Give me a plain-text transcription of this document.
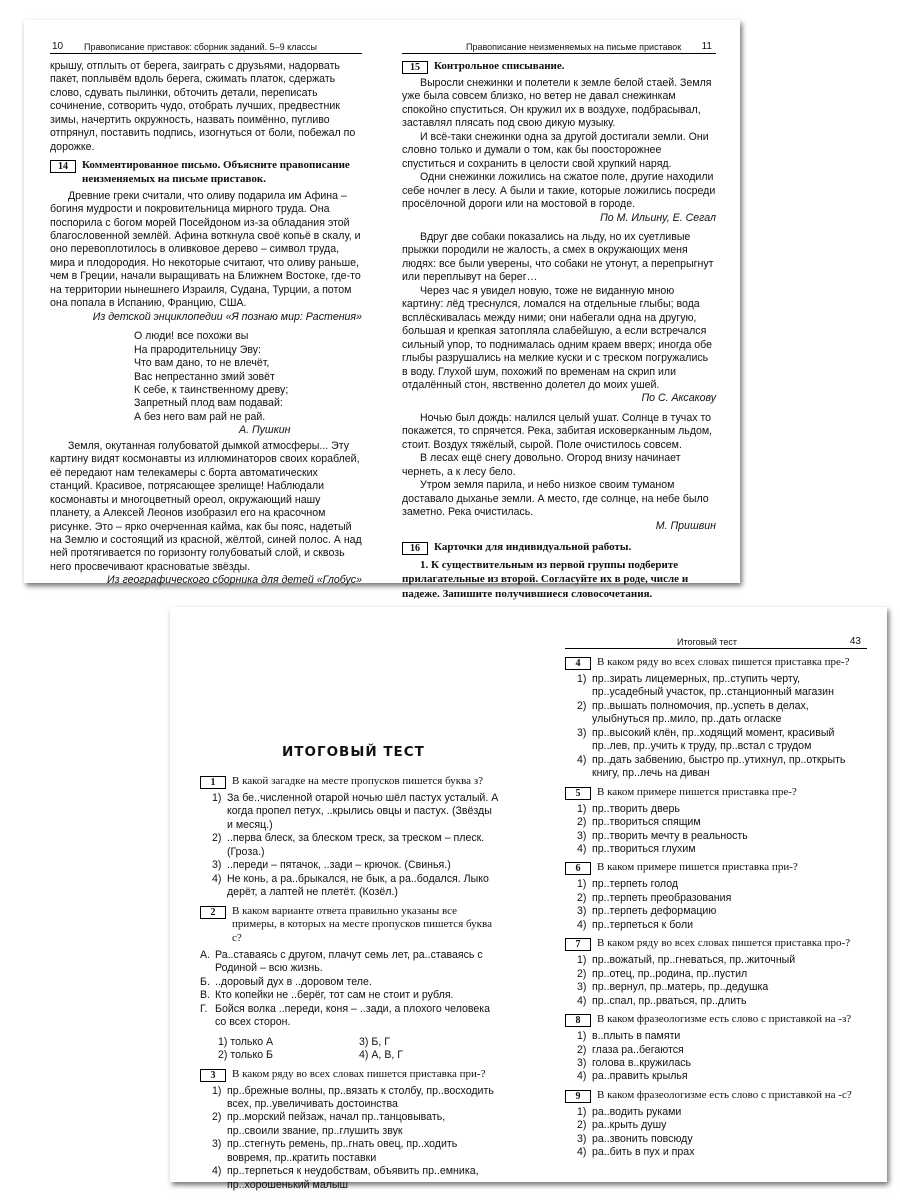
10 Правописание приставок: сборник заданий. 5–9 классы

крышу, отплыть от берега, заиграть с друзьями, надорвать пакет, поплывём вдоль берега, сжимать платок, сдержать слово, сдувать пылинки, обточить детали, переписать сочинение, сотворить чудо, отобрать лучших, предвестник зимы, начертить окружность, назвать поимённо, пугливо отпрянул, поставить подпись, изогнуться от боли, побежал по дорожке.

14	Комментированное письмо. Объясните правописание неизменяемых на письме приставок.

Древние греки считали, что оливу подарила им Афина – богиня мудрости и покровительница мирного труда. Она поспорила с богом морей Посейдоном из-за обладания этой благословенной землёй. Афина воткнула своё копьё в скалу, и оно перевоплотилось в оливковое дерево – символ труда, мира и плодородия. Но некоторые считают, что оливу раньше, чем в Греции, начали выращивать на Ближнем Востоке, где-то на территории нынешнего Израиля, Судана, Турции, а потом она попала в Испанию, Францию, США.

Из детской энциклопедии «Я познаю мир: Растения»

О люди! все похожи вы
На прародительницу Эву:
Что вам дано, то не влечёт,
Вас непрестанно змий зовёт
К себе, к таинственному древу;
Запретный плод вам подавай:
А без него вам рай не рай.
А. Пушкин

Земля, окутанная голубоватой дымкой атмосферы... Эту картину видят космонавты из иллюминаторов своих кораблей, её передают нам телекамеры с борта автоматических станций. Красивое, потрясающее зрелище! Наблюдали космонавты и многоцветный ореол, окружающий нашу планету, а Алексей Леонов изобразил его на красочном рисунке. Это – ярко очерченная кайма, как бы пояс, надетый на Землю и состоящий из красной, жёлтой, синей полос. А над ней протягивается по горизонту голубоватый слой, и сквозь него просвечивают красноватые звёзды.

Из географического сборника для детей «Глобус»

Правописание неизменяемых на письме приставок 11
15	Контрольное списывание.

Выросли снежинки и полетели к земле белой стаей. Земля уже была совсем близко, но ветер не давал снежинкам спокойно спуститься. Он кружил их в воздухе, подбрасывал, заставлял плясать под свою дикую музыку.

И всё-таки снежинки одна за другой достигали земли. Они словно только и думали о том, как бы поосторожнее спуститься и сохранить в целости свой хрупкий наряд.

Одни снежинки ложились на сжатое поле, другие находили себе ночлег в лесу. А были и такие, которые ложились посреди просёлочной дороги или на мостовой в городе.

По М. Ильину, Е. Сегал

Вдруг две собаки показались на льду, но их суетливые прыжки породили не жалость, а смех в окружающих меня людях: все были уверены, что собаки не утонут, а перепрыгнут или переплывут на берег…

Через час я увидел новую, тоже не виданную мною картину: лёд треснулся, ломался на отдельные глыбы; вода всплёскивалась между ними; они набегали одна на другую, большая и крепкая затопляла слабейшую, а если встречался сильный упор, то поднималась одним краем вверх; иногда обе глыбы разрушались на мелкие куски и с треском погружались в воду. Глухой шум, похожий по временам на скрип или отдалённый стон, явственно долетел до моих ушей.

По С. Аксакову

Ночью был дождь: налился целый ушат. Солнце в тучах то покажется, то спрячется. Река, забитая исковерканным льдом, стоит. Воздух тяжёлый, сырой. Поле очистилось совсем.

В лесах ещё снегу довольно. Огород внизу начинает чернеть, а к лесу бело.

Утром земля парила, и небо низкое своим туманом доставало дыханье земли. А место, где солнце, на небе было заметно. Река очистилась.

М. Пришвин

16	Карточки для индивидуальной работы.

1. К существительным из первой группы подберите прилагательные из второй. Согласуйте их в роде, числе и падеже. Запишите получившиеся словосочетания.

ИТОГОВЫЙ ТЕСТ
1	В какой загадке на месте пропусков пишется буква з?
1) За бе..численной отарой ночью шёл пастух усталый. А когда пропел петух, ..крылись овцы и пастух. (Звёзды и месяц.)
2) ..перва блеск, за блеском треск, за треском – плеск. (Гроза.)
3) ..переди – пятачок, ..зади – крючок. (Свинья.)
4) Не конь, а ра..брыкался, не бык, а ра..бодался. Лыко дерёт, а лаптей не плетёт. (Козёл.)
2	В каком варианте ответа правильно указаны все примеры, в которых на месте пропусков пишется буква с?
А. Ра..ставаясь с другом, плачут семь лет, ра..ставаясь с Родиной – всю жизнь.
Б. ..доровый дух в ..доровом теле.
В. Кто копейки не ..берёг, тот сам не стоит и рубля.
Г. Бойся волка ..переди, коня – ..зади, а плохого человека со всех сторон.
1) только А	3) Б, Г
2) только Б	4) А, В, Г
3	В каком ряду во всех словах пишется приставка при-?
1) пр..брежные волны, пр..вязать к столбу, пр..восходить всех, пр..увеличивать достоинства
2) пр..морский пейзаж, начал пр..танцовывать, пр..своили звание, пр..глушить звук
3) пр..стегнуть ремень, пр..гнать овец, пр..ходить вовремя, пр..кратить поставки
4) пр..терпеться к неудобствам, объявить пр..емника, пр..хорошенький малыш
Итоговый тест	43
4	В каком ряду во всех словах пишется приставка пре-?
1) пр..зирать лицемерных, пр..ступить черту, пр..усадебный участок, пр..станционный магазин
2) пр..вышать полномочия, пр..успеть в делах, улыбнуться пр..мило, пр..дать огласке
3) пр..высокий клён, пр..ходящий момент, красивый пр..лев, пр..учить к труду, пр..встал с трудом
4) пр..дать забвению, быстро пр..утихнул, пр..открыть книгу, пр..лечь на диван
5	В каком примере пишется приставка пре-?
1) пр..творить дверь
2) пр..твориться спящим
3) пр..творить мечту в реальность
4) пр..твориться глухим
6	В каком примере пишется приставка при-?
1) пр..терпеть голод
2) пр..терпеть преобразования
3) пр..терпеть деформацию
4) пр..терпеться к боли
7	В каком ряду во всех словах пишется приставка про-?
1) пр..вожатый, пр..гневаться, пр..житочный
2) пр..отец, пр..родина, пр..пустил
3) пр..вернул, пр..матерь, пр..дедушка
4) пр..спал, пр..рваться, пр..длить
8	В каком фразеологизме есть слово с приставкой на -з?
1) в..плыть в памяти
2) глаза ра..бегаются
3) голова в..кружилась
4) ра..править крылья
9	В каком фразеологизме есть слово с приставкой на -с?
1) ра..водить руками
2) ра..крыть душу
3) ра..звонить повсюду
4) ра..бить в пух и прах
